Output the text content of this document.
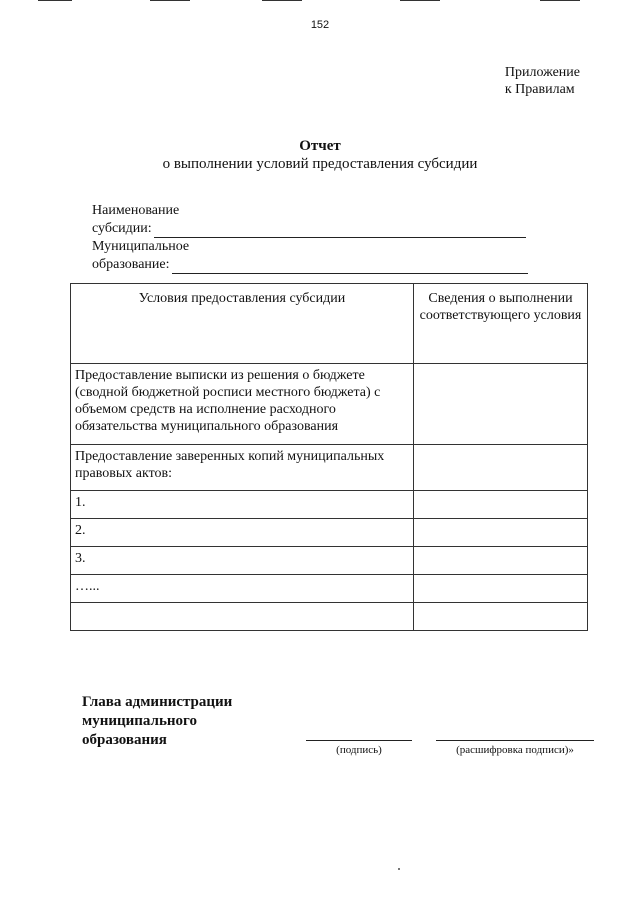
152
Приложение
к Правилам
Отчет
о выполнении условий предоставления субсидии
Наименование
субсидии:
Муниципальное
образование:
Условия предоставления субсидии	Сведения о выполнении соответствующего условия
Предоставление выписки из решения о бюджете (сводной бюджетной росписи местного бюджета) с объемом средств на исполнение расходного обязательства муниципального образования	
Предоставление заверенных копий муниципальных правовых актов:	
1.	
2.	
3.	
…...	

Глава администрации
муниципального
образования
(подпись)	(расшифровка подписи)»
